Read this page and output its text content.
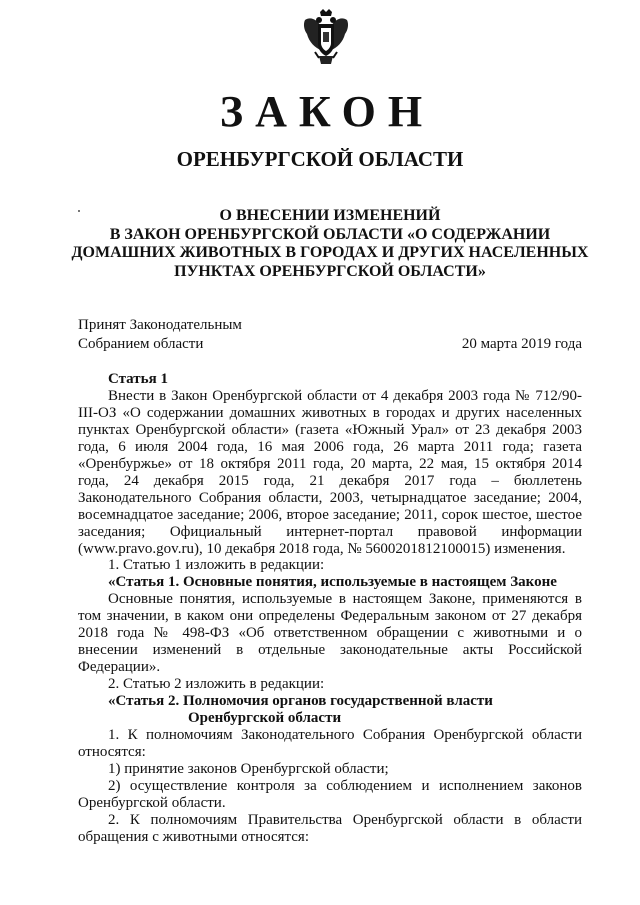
ЗАКОН
ОРЕНБУРГСКОЙ ОБЛАСТИ
О ВНЕСЕНИИ ИЗМЕНЕНИЙ
В ЗАКОН ОРЕНБУРГСКОЙ ОБЛАСТИ «О СОДЕРЖАНИИ
ДОМАШНИХ ЖИВОТНЫХ В ГОРОДАХ И ДРУГИХ НАСЕЛЕННЫХ
ПУНКТАХ ОРЕНБУРГСКОЙ ОБЛАСТИ»
Принят Законодательным
Собранием области	20 марта 2019 года

Статья 1

Внести в Закон Оренбургской области от 4 декабря 2003 года № 712/90-III-ОЗ «О содержании домашних животных в городах и других населенных пунктах Оренбургской области» (газета «Южный Урал» от 23 декабря 2003 года, 6 июля 2004 года, 16 мая 2006 года, 26 марта 2011 года; газета «Оренбуржье» от 18 октября 2011 года, 20 марта, 22 мая, 15 октября 2014 года, 24 декабря 2015 года, 21 декабря 2017 года – бюллетень Законодательного Собрания области, 2003, четырнадцатое заседание; 2004, восемнадцатое заседание; 2006, второе заседание; 2011, сорок шестое, шестое заседания; Официальный интернет-портал правовой информации (www.pravo.gov.ru), 10 декабря 2018 года, № 5600201812100015) изменения.

1. Статью 1 изложить в редакции:

«Статья 1. Основные понятия, используемые в настоящем Законе

Основные понятия, используемые в настоящем Законе, применяются в том значении, в каком они определены Федеральным законом от 27 декабря 2018 года № 498-ФЗ «Об ответственном обращении с животными и о внесении изменений в отдельные законодательные акты Российской Федерации».

2. Статью 2 изложить в редакции:

«Статья 2. Полномочия органов государственной власти

Оренбургской области

1. К полномочиям Законодательного Собрания Оренбургской области относятся:

1) принятие законов Оренбургской области;

2) осуществление контроля за соблюдением и исполнением законов Оренбургской области.

2. К полномочиям Правительства Оренбургской области в области обращения с животными относятся:
